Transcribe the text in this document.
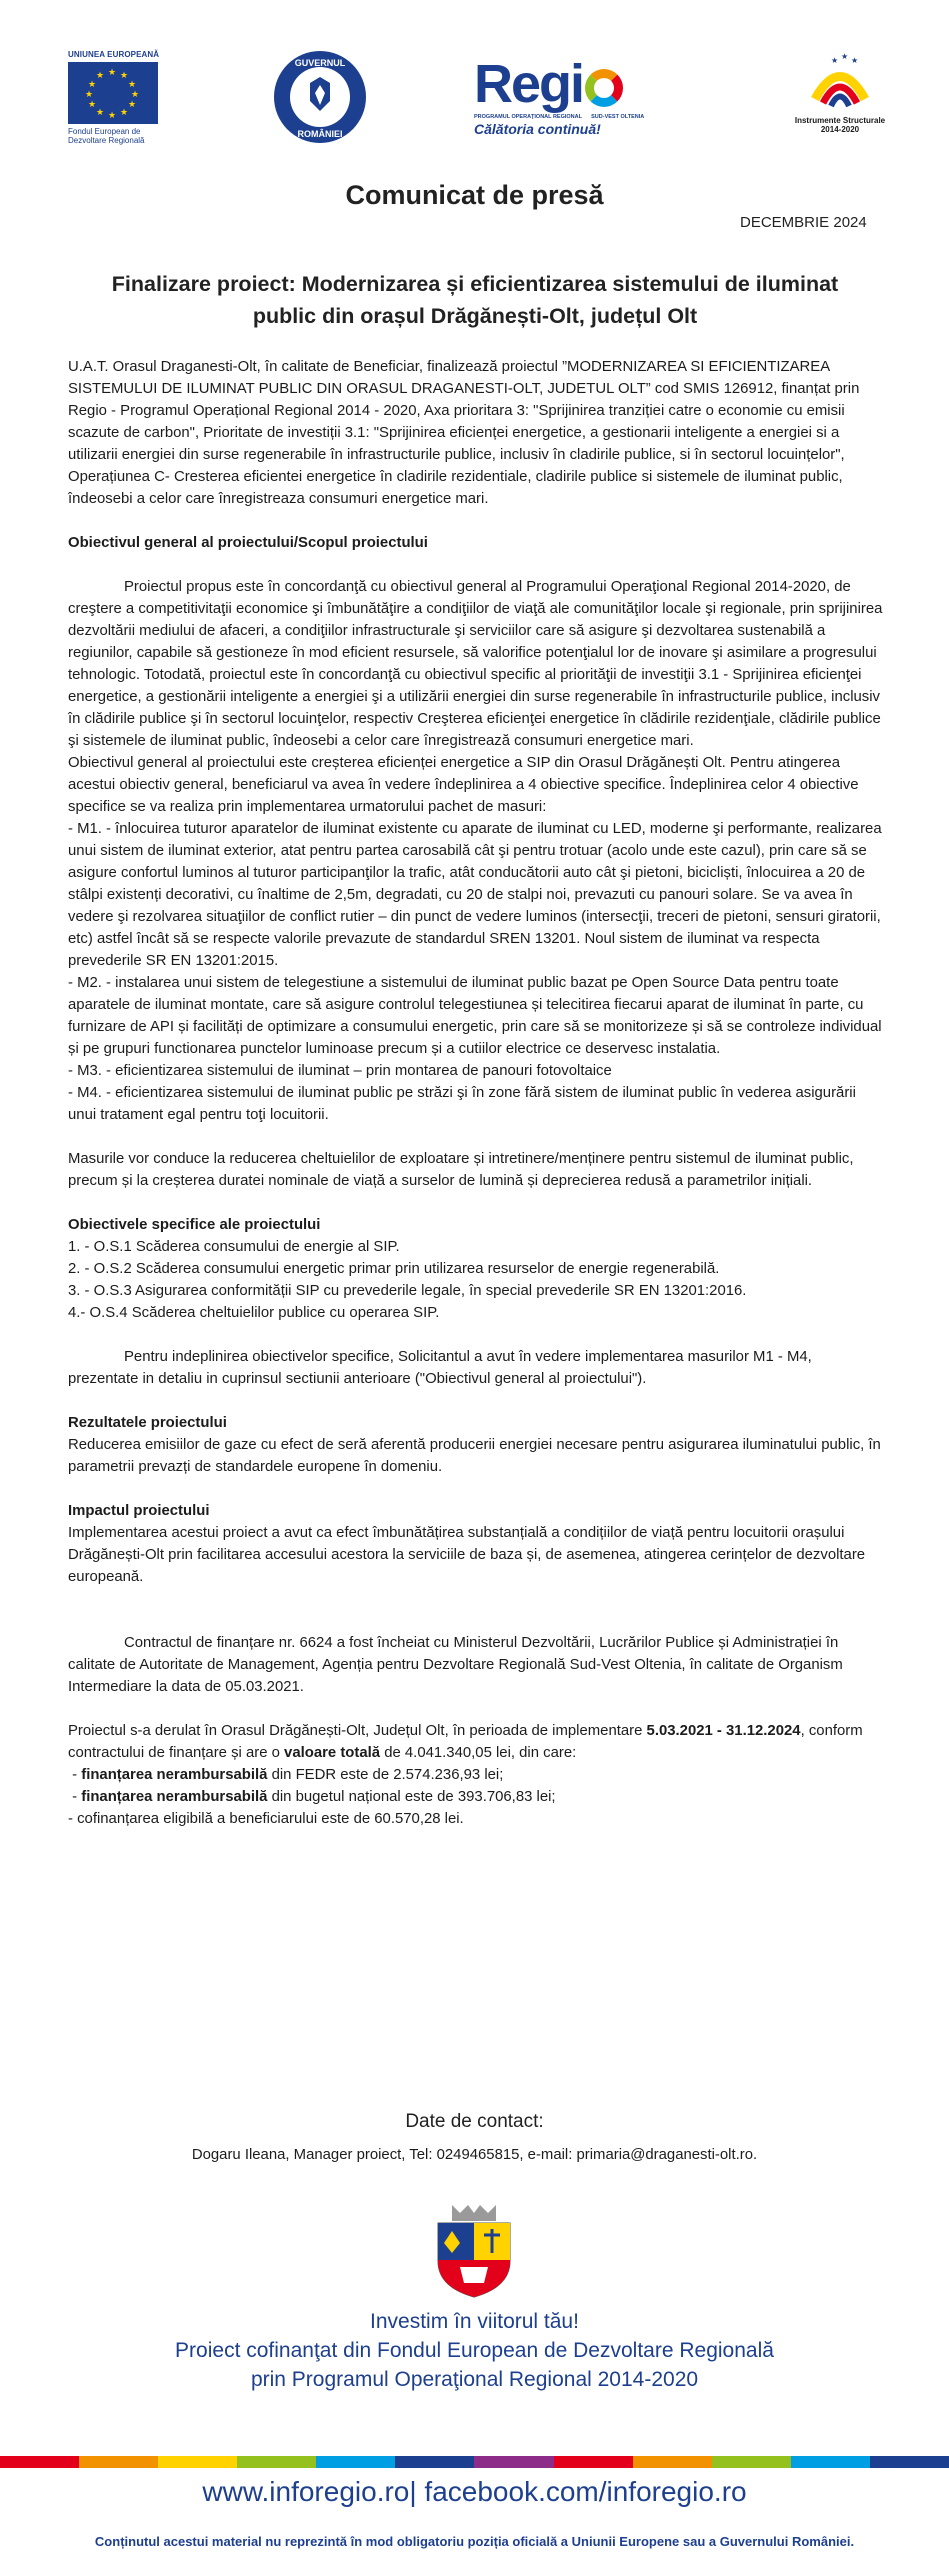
UNIUNEA EUROPEANĂ
★ ★
★
★
★
★
★
★
★
★
★
★
Fondul European de Dezvoltare Regională
GUVERNUL
ROMÂNIEI
Regi
PROGRAMUL OPERAŢIONAL REGIONAL SUD-VEST OLTENIA
Călătoria continuă!
★ ★ ★
Instrumente Structurale
2014-2020
Comunicat de presă
DECEMBRIE 2024
Finalizare proiect: Modernizarea și eficientizarea sistemului de iluminat
public din orașul Drăgănești-Olt, județul Olt

U.A.T. Orasul Draganesti-Olt, în calitate de Beneficiar, finalizează proiectul ”MODERNIZAREA SI EFICIENTIZAREA SISTEMULUI DE ILUMINAT PUBLIC DIN ORASUL DRAGANESTI-OLT, JUDETUL OLT” cod SMIS 126912, finanțat prin Regio - Programul Operațional Regional 2014 - 2020, Axa prioritara 3: "Sprijinirea tranziției catre o economie cu emisii scazute de carbon", Prioritate de investiții 3.1: "Sprijinirea eficienței energetice, a gestionarii inteligente a energiei si a utilizarii energiei din surse regenerabile în infrastructurile publice, inclusiv în cladirile publice, si în sectorul locuințelor", Operațiunea C- Cresterea eficientei energetice în cladirile rezidentiale, cladirile publice si sistemele de iluminat public, îndeosebi a celor care înregistreaza consumuri energetice mari.

Obiectivul general al proiectului/Scopul proiectului

Proiectul propus este în concordanţă cu obiectivul general al Programului Operaţional Regional 2014-2020, de creştere a competitivitaţii economice şi îmbunătăţire a condiţiilor de viaţă ale comunităţilor locale şi regionale, prin sprijinirea dezvoltării mediului de afaceri, a condiţiilor infrastructurale şi serviciilor care să asigure şi dezvoltarea sustenabilă a regiunilor, capabile să gestioneze în mod eficient resursele, să valorifice potenţialul lor de inovare şi asimilare a progresului tehnologic. Totodată, proiectul este în concordanţă cu obiectivul specific al priorităţii de investiţii 3.1 - Sprijinirea eficienţei energetice, a gestionării inteligente a energiei şi a utilizării energiei din surse regenerabile în infrastructurile publice, inclusiv în clădirile publice şi în sectorul locuinţelor, respectiv Creşterea eficienţei energetice în clădirile rezidenţiale, clădirile publice şi sistemele de iluminat public, îndeosebi a celor care înregistrează consumuri energetice mari.

Obiectivul general al proiectului este creșterea eficienței energetice a SIP din Orasul Drăgănești Olt. Pentru atingerea acestui obiectiv general, beneficiarul va avea în vedere îndeplinirea a 4 obiective specifice. Îndeplinirea celor 4 obiective specifice se va realiza prin implementarea urmatorului pachet de masuri:

- M1. - înlocuirea tuturor aparatelor de iluminat existente cu aparate de iluminat cu LED, moderne şi performante, realizarea unui sistem de iluminat exterior, atat pentru partea carosabilă cât şi pentru trotuar (acolo unde este cazul), prin care să se asigure confortul luminos al tuturor participanţilor la trafic, atât conducătorii auto cât şi pietoni, bicicliști, înlocuirea a 20 de stâlpi existenți decorativi, cu înaltime de 2,5m, degradati, cu 20 de stalpi noi, prevazuti cu panouri solare. Se va avea în vedere şi rezolvarea situaţiilor de conflict rutier – din punct de vedere luminos (intersecţii, treceri de pietoni, sensuri giratorii, etc) astfel încât să se respecte valorile prevazute de standardul SREN 13201. Noul sistem de iluminat va respecta prevederile SR EN 13201:2015.

- M2. - instalarea unui sistem de telegestiune a sistemului de iluminat public bazat pe Open Source Data pentru toate aparatele de iluminat montate, care să asigure controlul telegestiunea și telecitirea fiecarui aparat de iluminat în parte, cu furnizare de API și facilități de optimizare a consumului energetic, prin care să se monitorizeze și să se controleze individual și pe grupuri functionarea punctelor luminoase precum și a cutiilor electrice ce deservesc instalatia.

- M3. - eficientizarea sistemului de iluminat – prin montarea de panouri fotovoltaice

- M4. - eficientizarea sistemului de iluminat public pe străzi şi în zone fără sistem de iluminat public în vederea asigurării unui tratament egal pentru toţi locuitorii.

Masurile vor conduce la reducerea cheltuielilor de exploatare și intretinere/menținere pentru sistemul de iluminat public, precum și la creșterea duratei nominale de viață a surselor de lumină și deprecierea redusă a parametrilor inițiali.

Obiectivele specifice ale proiectului

1. - O.S.1 Scăderea consumului de energie al SIP.

2. - O.S.2 Scăderea consumului energetic primar prin utilizarea resurselor de energie regenerabilă.

3. - O.S.3 Asigurarea conformității SIP cu prevederile legale, în special prevederile SR EN 13201:2016.

4.- O.S.4 Scăderea cheltuielilor publice cu operarea SIP.

Pentru indeplinirea obiectivelor specifice, Solicitantul a avut în vedere implementarea masurilor M1 - M4, prezentate in detaliu in cuprinsul sectiunii anterioare ("Obiectivul general al proiectului").

Rezultatele proiectului

Reducerea emisiilor de gaze cu efect de seră aferentă producerii energiei necesare pentru asigurarea iluminatului public, în parametrii prevazți de standardele europene în domeniu.

Impactul proiectului

Implementarea acestui proiect a avut ca efect îmbunătățirea substanțială a condițiilor de viață pentru locuitorii orașului Drăgănești-Olt prin facilitarea accesului acestora la serviciile de baza și, de asemenea, atingerea cerințelor de dezvoltare europeană.

Contractul de finanțare nr. 6624 a fost încheiat cu Ministerul Dezvoltării, Lucrărilor Publice și Administrației în calitate de Autoritate de Management, Agenția pentru Dezvoltare Regională Sud-Vest Oltenia, în calitate de Organism Intermediare la data de 05.03.2021.

Proiectul s-a derulat în Orasul Drăgănești-Olt, Județul Olt, în perioada de implementare 5.03.2021 - 31.12.2024, conform contractului de finanțare și are o valoare totală de 4.041.340,05 lei, din care:

- finanțarea nerambursabilă din FEDR este de 2.574.236,93 lei;

- finanțarea nerambursabilă din bugetul național este de 393.706,83 lei;

- cofinanțarea eligibilă a beneficiarului este de 60.570,28 lei.

Date de contact:
Dogaru Ileana, Manager proiect, Tel: 0249465815, e-mail: primaria@draganesti-olt.ro.
Investim în viitorul tău!
Proiect cofinanţat din Fondul European de Dezvoltare Regională
prin Programul Operaţional Regional 2014-2020
www.inforegio.ro| facebook.com/inforegio.ro
Conținutul acestui material nu reprezintă în mod obligatoriu poziția oficială a Uniunii Europene sau a Guvernului României.
